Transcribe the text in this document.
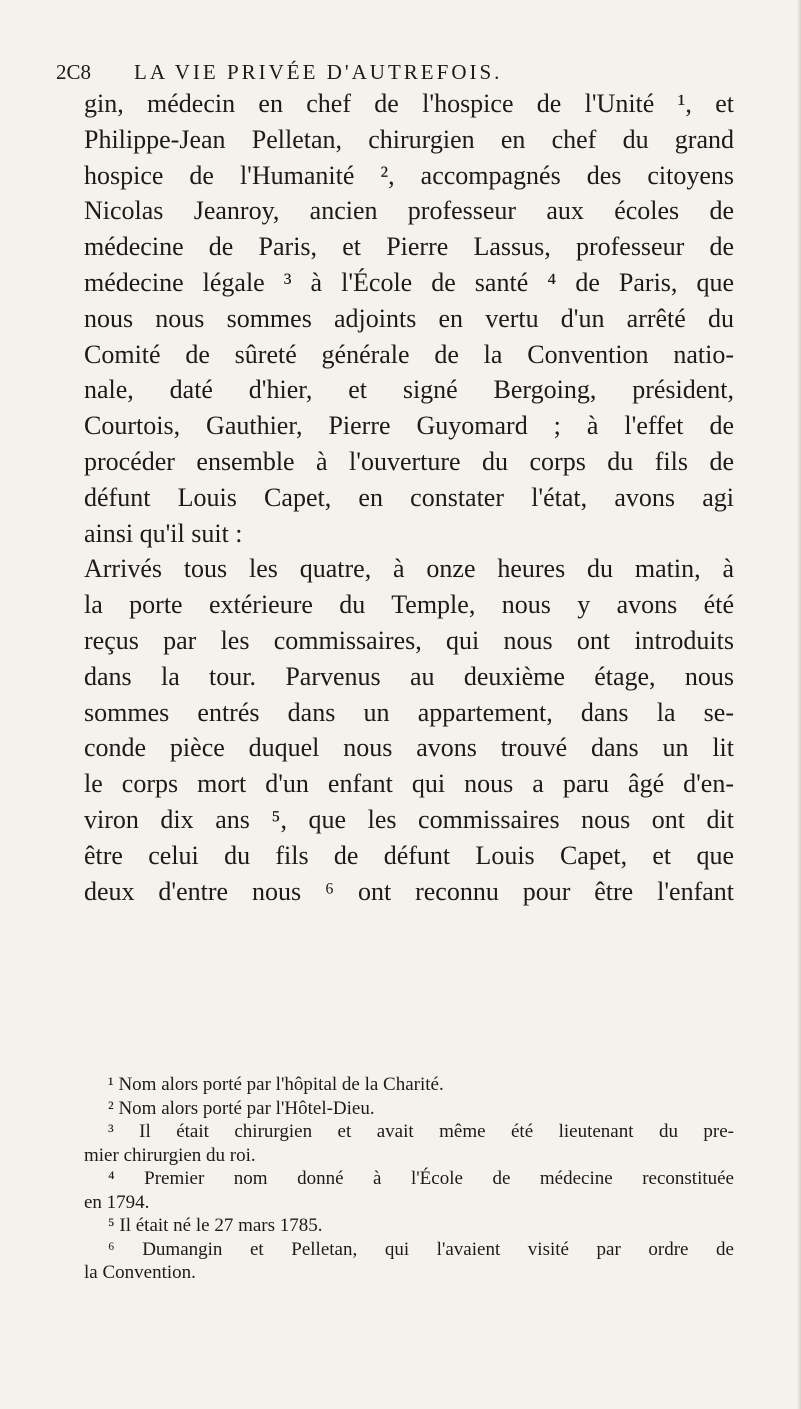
2C8 LA VIE PRIVÉE D'AUTREFOIS.
gin, médecin en chef de l'hospice de l'Unité ¹, et
Philippe-Jean Pelletan, chirurgien en chef du grand
hospice de l'Humanité ², accompagnés des citoyens
Nicolas Jeanroy, ancien professeur aux écoles de
médecine de Paris, et Pierre Lassus, professeur de
médecine légale ³ à l'École de santé ⁴ de Paris, que
nous nous sommes adjoints en vertu d'un arrêté du
Comité de sûreté générale de la Convention natio-
nale, daté d'hier, et signé Bergoing, président,
Courtois, Gauthier, Pierre Guyomard ; à l'effet de
procéder ensemble à l'ouverture du corps du fils de
défunt Louis Capet, en constater l'état, avons agi
ainsi qu'il suit :
Arrivés tous les quatre, à onze heures du matin, à
la porte extérieure du Temple, nous y avons été
reçus par les commissaires, qui nous ont introduits
dans la tour. Parvenus au deuxième étage, nous
sommes entrés dans un appartement, dans la se-
conde pièce duquel nous avons trouvé dans un lit
le corps mort d'un enfant qui nous a paru âgé d'en-
viron dix ans ⁵, que les commissaires nous ont dit
être celui du fils de défunt Louis Capet, et que
deux d'entre nous ⁶ ont reconnu pour être l'enfant

¹ Nom alors porté par l'hôpital de la Charité.

² Nom alors porté par l'Hôtel-Dieu.

³ Il était chirurgien et avait même été lieutenant du pre-

mier chirurgien du roi.

⁴ Premier nom donné à l'École de médecine reconstituée

en 1794.

⁵ Il était né le 27 mars 1785.

⁶ Dumangin et Pelletan, qui l'avaient visité par ordre de

la Convention.
